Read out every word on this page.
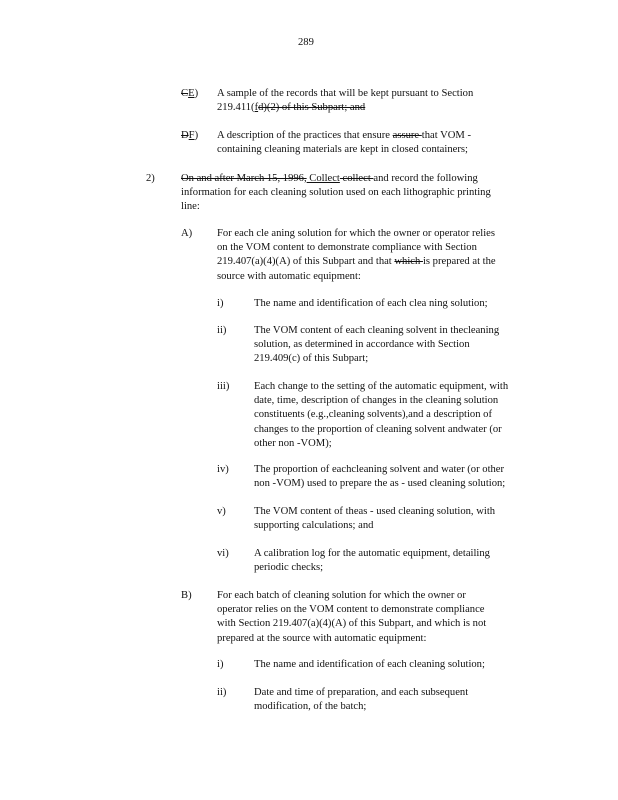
289
CE) A sample of the records that will be kept pursuant to Section
219.411(fd)(2) of this Subpart; and
DF) A description of the practices that ensure assure that VOM -
containing cleaning materials are kept in closed containers;
2) On and after March 15, 1996, Collect collect and record the following
information for each cleaning solution used on each lithographic printing
line:
A) For each cle aning solution for which the owner or operator relies
on the VOM content to demonstrate compliance with Section
219.407(a)(4)(A) of this Subpart and that which is prepared at the
source with automatic equipment:
i)	The name and identification of each clea ning solution;
ii)	The VOM content of each cleaning solvent in thecleaning
solution, as determined in accordance with Section
219.409(c) of this Subpart;
iii) Each change to the setting of the automatic equipment, with
date, time, description of changes in the cleaning solution
constituents (e.g.,cleaning solvents),and a description of
changes to the proportion of cleaning solvent andwater (or
other non -VOM);
iv) The proportion of eachcleaning solvent and water (or other
non -VOM) used to prepare the as - used cleaning solution;
v)	The VOM content of theas - used cleaning solution, with
supporting calculations; and
vi) A calibration log for the automatic equipment, detailing
periodic checks;
B) For each batch of cleaning solution for which the owner or
operator relies on the VOM content to demonstrate compliance
with Section 219.407(a)(4)(A) of this Subpart, and which is not
prepared at the source with automatic equipment:
i)	The name and identification of each cleaning solution;
ii)	Date and time of preparation, and each subsequent
modification, of the batch;
